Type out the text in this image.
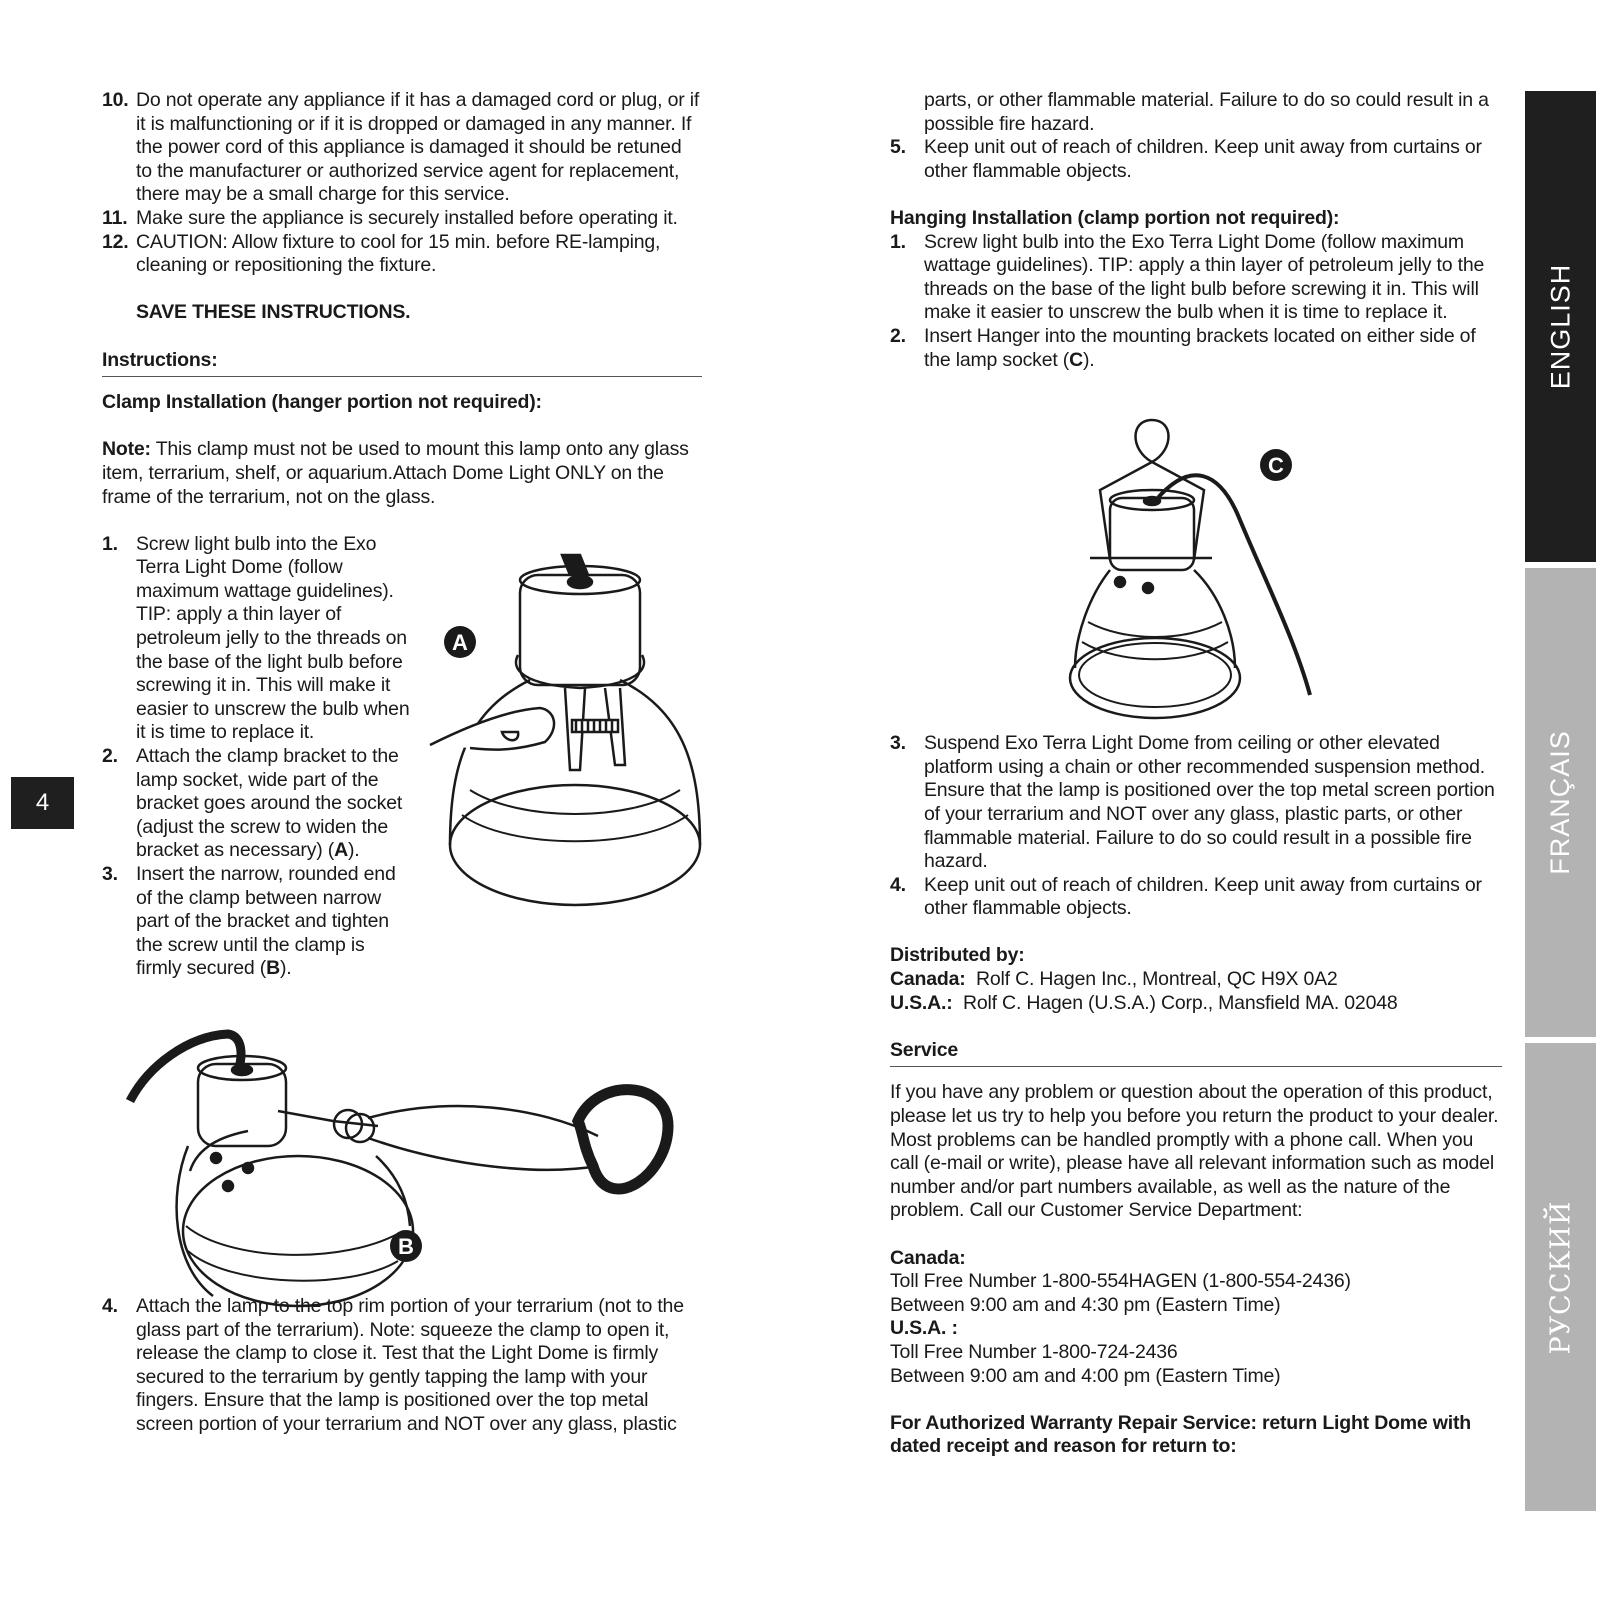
10. Do not operate any appliance if it has a damaged cord or plug, or if it is malfunctioning or if it is dropped or damaged in any manner. If the power cord of this appliance is damaged it should be retuned to the manufacturer or authorized service agent for replacement, there may be a small charge for this service.

11. Make sure the appliance is securely installed before operating it.

12. CAUTION: Allow fixture to cool for 15 min. before RE-lamping, cleaning or repositioning the fixture.

SAVE THESE INSTRUCTIONS.

Instructions:

Clamp Installation (hanger portion not required):

Note: This clamp must not be used to mount this lamp onto any glass item, terrarium, shelf, or aquarium.Attach Dome Light ONLY on the frame of the terrarium, not on the glass.

1. Screw light bulb into the Exo Terra Light Dome (follow maximum wattage guidelines). TIP: apply a thin layer of petroleum jelly to the threads on the base of the light bulb before screwing it in. This will make it easier to unscrew the bulb when it is time to replace it.

2. Attach the clamp bracket to the lamp socket, wide part of the bracket goes around the socket (adjust the screw to widen the bracket as necessary) (A).

3. Insert the narrow, rounded end of the clamp between narrow part of the bracket and tighten the screw until the clamp is firmly secured (B).

4. Attach the lamp to the top rim portion of your terrarium (not to the glass part of the terrarium). Note: squeeze the clamp to open it, release the clamp to close it. Test that the Light Dome is firmly secured to the terrarium by gently tapping the lamp with your fingers. Ensure that the lamp is positioned over the top metal screen portion of your terrarium and NOT over any glass, plastic

parts, or other flammable material. Failure to do so could result in a possible fire hazard.

5. Keep unit out of reach of children. Keep unit away from curtains or other flammable objects.

Hanging Installation (clamp portion not required):

1. Screw light bulb into the Exo Terra Light Dome (follow maximum wattage guidelines). TIP: apply a thin layer of petroleum jelly to the threads on the base of the light bulb before screwing it in. This will make it easier to unscrew the bulb when it is time to replace it.

2. Insert Hanger into the mounting brackets located on either side of the lamp socket (C).

3. Suspend Exo Terra Light Dome from ceiling or other elevated platform using a chain or other recommended suspension method. Ensure that the lamp is positioned over the top metal screen portion of your terrarium and NOT over any glass, plastic parts, or other flammable material. Failure to do so could result in a possible fire hazard.

4. Keep unit out of reach of children. Keep unit away from curtains or other flammable objects.

Distributed by:

Canada:  Rolf C. Hagen Inc., Montreal, QC H9X 0A2

U.S.A.:  Rolf C. Hagen (U.S.A.) Corp., Mansfield MA. 02048

Service

If you have any problem or question about the operation of this product, please let us try to help you before you return the product to your dealer. Most problems can be handled promptly with a phone call. When you call (e-mail or write), please have all relevant information such as model number and/or part numbers available, as well as the nature of the problem. Call our Customer Service Department:

Canada:

Toll Free Number 1-800-554HAGEN (1-800-554-2436)

Between 9:00 am and 4:30 pm (Eastern Time)

U.S.A. :

Toll Free Number 1-800-724-2436

Between 9:00 am and 4:00 pm (Eastern Time)

For Authorized Warranty Repair Service: return Light Dome with dated receipt and reason for return to:

A
B
C
ENGLISH
FRANÇAIS
РУССКИЙ
4
